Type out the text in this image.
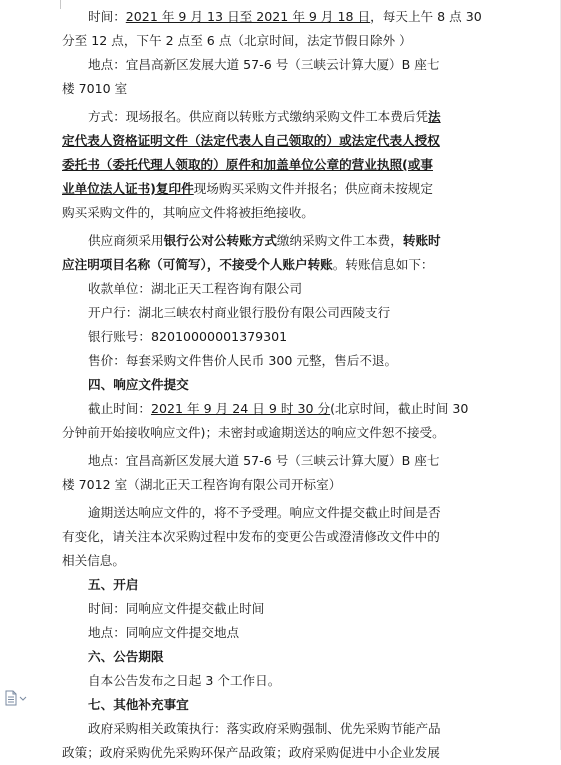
时间：2021 年 9 月 13 日至 2021 年 9 月 18 日，每天上午 8 点 30
分至 12 点，下午 2 点至 6 点（北京时间，法定节假日除外 ）
地点：宜昌高新区发展大道 57-6 号（三峡云计算大厦）B 座七
楼 7010 室
方式：现场报名。供应商以转账方式缴纳采购文件工本费后凭法
定代表人资格证明文件（法定代表人自己领取的）或法定代表人授权
委托书（委托代理人领取的）原件和加盖单位公章的营业执照(或事
业单位法人证书)复印件现场购买采购文件并报名；供应商未按规定
购买采购文件的，其响应文件将被拒绝接收。
供应商须采用银行公对公转账方式缴纳采购文件工本费，转账时
应注明项目名称（可简写），不接受个人账户转账。转账信息如下：
收款单位：湖北正天工程咨询有限公司
开户行：湖北三峡农村商业银行股份有限公司西陵支行
银行账号：82010000001379301
售价：每套采购文件售价人民币 300 元整，售后不退。
四、响应文件提交
截止时间：2021 年 9 月 24 日 9 时 30 分(北京时间，截止时间 30
分钟前开始接收响应文件)；未密封或逾期送达的响应文件恕不接受。
地点：宜昌高新区发展大道 57-6 号（三峡云计算大厦）B 座七
楼 7012 室（湖北正天工程咨询有限公司开标室）
逾期送达响应文件的，将不予受理。响应文件提交截止时间是否
有变化，请关注本次采购过程中发布的变更公告或澄清修改文件中的
相关信息。
五、开启
时间：同响应文件提交截止时间
地点：同响应文件提交地点
六、公告期限
自本公告发布之日起 3 个工作日。
七、其他补充事宜
政府采购相关政策执行：落实政府采购强制、优先采购节能产品
政策；政府采购优先采购环保产品政策；政府采购促进中小企业发展
